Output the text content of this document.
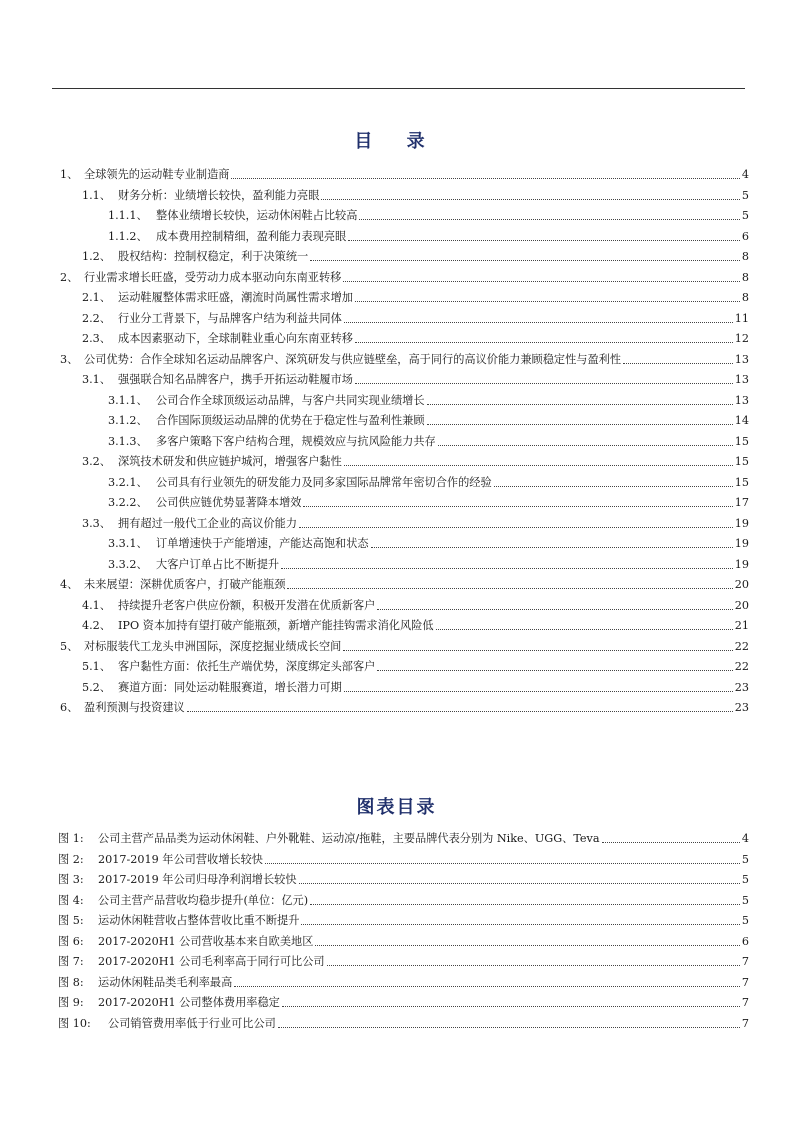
目 录
1、 全球领先的运动鞋专业制造商	4
1.1、 财务分析：业绩增长较快，盈利能力亮眼	5
1.1.1、 整体业绩增长较快，运动休闲鞋占比较高	5
1.1.2、 成本费用控制精细，盈利能力表现亮眼	6
1.2、 股权结构：控制权稳定，利于决策统一	8
2、 行业需求增长旺盛，受劳动力成本驱动向东南亚转移	8
2.1、 运动鞋履整体需求旺盛，潮流时尚属性需求增加	8
2.2、 行业分工背景下，与品牌客户结为利益共同体	11
2.3、 成本因素驱动下，全球制鞋业重心向东南亚转移	12
3、 公司优势：合作全球知名运动品牌客户、深筑研发与供应链壁垒，高于同行的高议价能力兼顾稳定性与盈利性	13
3.1、 强强联合知名品牌客户，携手开拓运动鞋履市场	13
3.1.1、 公司合作全球顶级运动品牌，与客户共同实现业绩增长	13
3.1.2、 合作国际顶级运动品牌的优势在于稳定性与盈利性兼顾	14
3.1.3、 多客户策略下客户结构合理，规模效应与抗风险能力共存	15
3.2、 深筑技术研发和供应链护城河，增强客户黏性	15
3.2.1、 公司具有行业领先的研发能力及同多家国际品牌常年密切合作的经验	15
3.2.2、 公司供应链优势显著降本增效	17
3.3、 拥有超过一般代工企业的高议价能力	19
3.3.1、 订单增速快于产能增速，产能达高饱和状态	19
3.3.2、 大客户订单占比不断提升	19
4、 未来展望：深耕优质客户，打破产能瓶颈	20
4.1、 持续提升老客户供应份额，积极开发潜在优质新客户	20
4.2、 IPO 资本加持有望打破产能瓶颈，新增产能挂钩需求消化风险低	21
5、 对标服装代工龙头申洲国际，深度挖掘业绩成长空间	22
5.1、 客户黏性方面：依托生产端优势，深度绑定头部客户	22
5.2、 赛道方面：同处运动鞋服赛道，增长潜力可期	23
6、 盈利预测与投资建议	23
图表目录
图 1:	公司主营产品品类为运动休闲鞋、户外靴鞋、运动凉/拖鞋，主要品牌代表分别为 Nike、UGG、Teva	4
图 2:	2017-2019 年公司营收增长较快	5
图 3:	2017-2019 年公司归母净利润增长较快	5
图 4:	公司主营产品营收均稳步提升(单位：亿元)	5
图 5:	运动休闲鞋营收占整体营收比重不断提升	5
图 6:	2017-2020H1 公司营收基本来自欧美地区	6
图 7:	2017-2020H1 公司毛利率高于同行可比公司	7
图 8:	运动休闲鞋品类毛利率最高	7
图 9:	2017-2020H1 公司整体费用率稳定	7
图 10:	公司销管费用率低于行业可比公司	7
